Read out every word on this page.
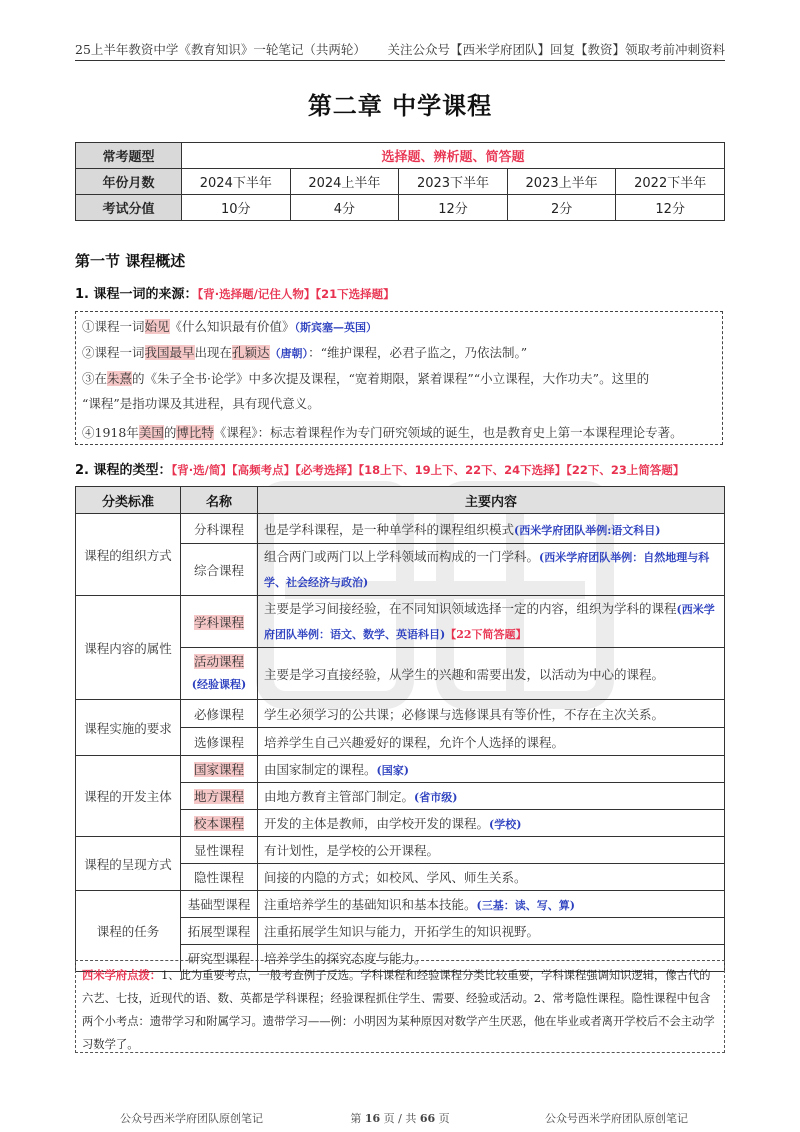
25上半年教资中学《教育知识》一轮笔记（共两轮） 关注公众号【西米学府团队】回复【教资】领取考前冲刺资料
第二章 中学课程
常考题型	选择题、辨析题、简答题				
年份月数	2024下半年	2024上半年	2023下半年	2023上半年	2022下半年
考试分值	10分	4分	12分	2分	12分
第一节 课程概述
1. 课程一词的来源：【背·选择题/记住人物】【21下选择题】
①课程一词始见《什么知识最有价值》（斯宾塞—英国）
②课程一词我国最早出现在孔颖达（唐朝）：“维护课程，必君子监之，乃依法制。”
③在朱熹的《朱子全书·论学》中多次提及课程，“宽着期限，紧着课程”“小立课程，大作功夫”。这里的
“课程”是指功课及其进程，具有现代意义。
④1918年美国的博比特《课程》：标志着课程作为专门研究领域的诞生，也是教育史上第一本课程理论专著。
2. 课程的类型：【背·选/简】【高频考点】【必考选择】【18上下、19上下、22下、24下选择】【22下、23上简答题】
分类标准	名称	主要内容
课程的组织方式	分科课程	也是学科课程，是一种单学科的课程组织模式(西米学府团队举例:语文科目)
	综合课程	组合两门或两门以上学科领域而构成的一门学科。(西米学府团队举例：自然地理与科学、社会经济与政治)
课程内容的属性	学科课程	主要是学习间接经验，在不同知识领域选择一定的内容，组织为学科的课程(西米学府团队举例：语文、数学、英语科目)【22下简答题】
	活动课程
(经验课程)	主要是学习直接经验，从学生的兴趣和需要出发，以活动为中心的课程。
课程实施的要求	必修课程	学生必须学习的公共课；必修课与选修课具有等价性，不存在主次关系。
	选修课程	培养学生自己兴趣爱好的课程，允许个人选择的课程。
课程的开发主体	国家课程	由国家制定的课程。(国家)
	地方课程	由地方教育主管部门制定。(省市级)
	校本课程	开发的主体是教师，由学校开发的课程。(学校)
课程的呈现方式	显性课程	有计划性，是学校的公开课程。
	隐性课程	间接的内隐的方式；如校风、学风、师生关系。
课程的任务	基础型课程	注重培养学生的基础知识和基本技能。(三基：读、写、算)
	拓展型课程	注重拓展学生知识与能力，开拓学生的知识视野。
	研究型课程	培养学生的探究态度与能力。
西米学府点拨：1、此为重要考点，一般考查例子反选。学科课程和经验课程分类比较重要，学科课程强调知识逻辑，像古代的六艺、七技，近现代的语、数、英都是学科课程；经验课程抓住学生、需要、经验或活动。2、常考隐性课程。隐性课程中包含两个小考点：遗带学习和附属学习。遗带学习——例：小明因为某种原因对数学产生厌恶，他在毕业或者离开学校后不会主动学习数学了。
公众号西米学府团队原创笔记	第 16 页 / 共 66 页	公众号西米学府团队原创笔记
